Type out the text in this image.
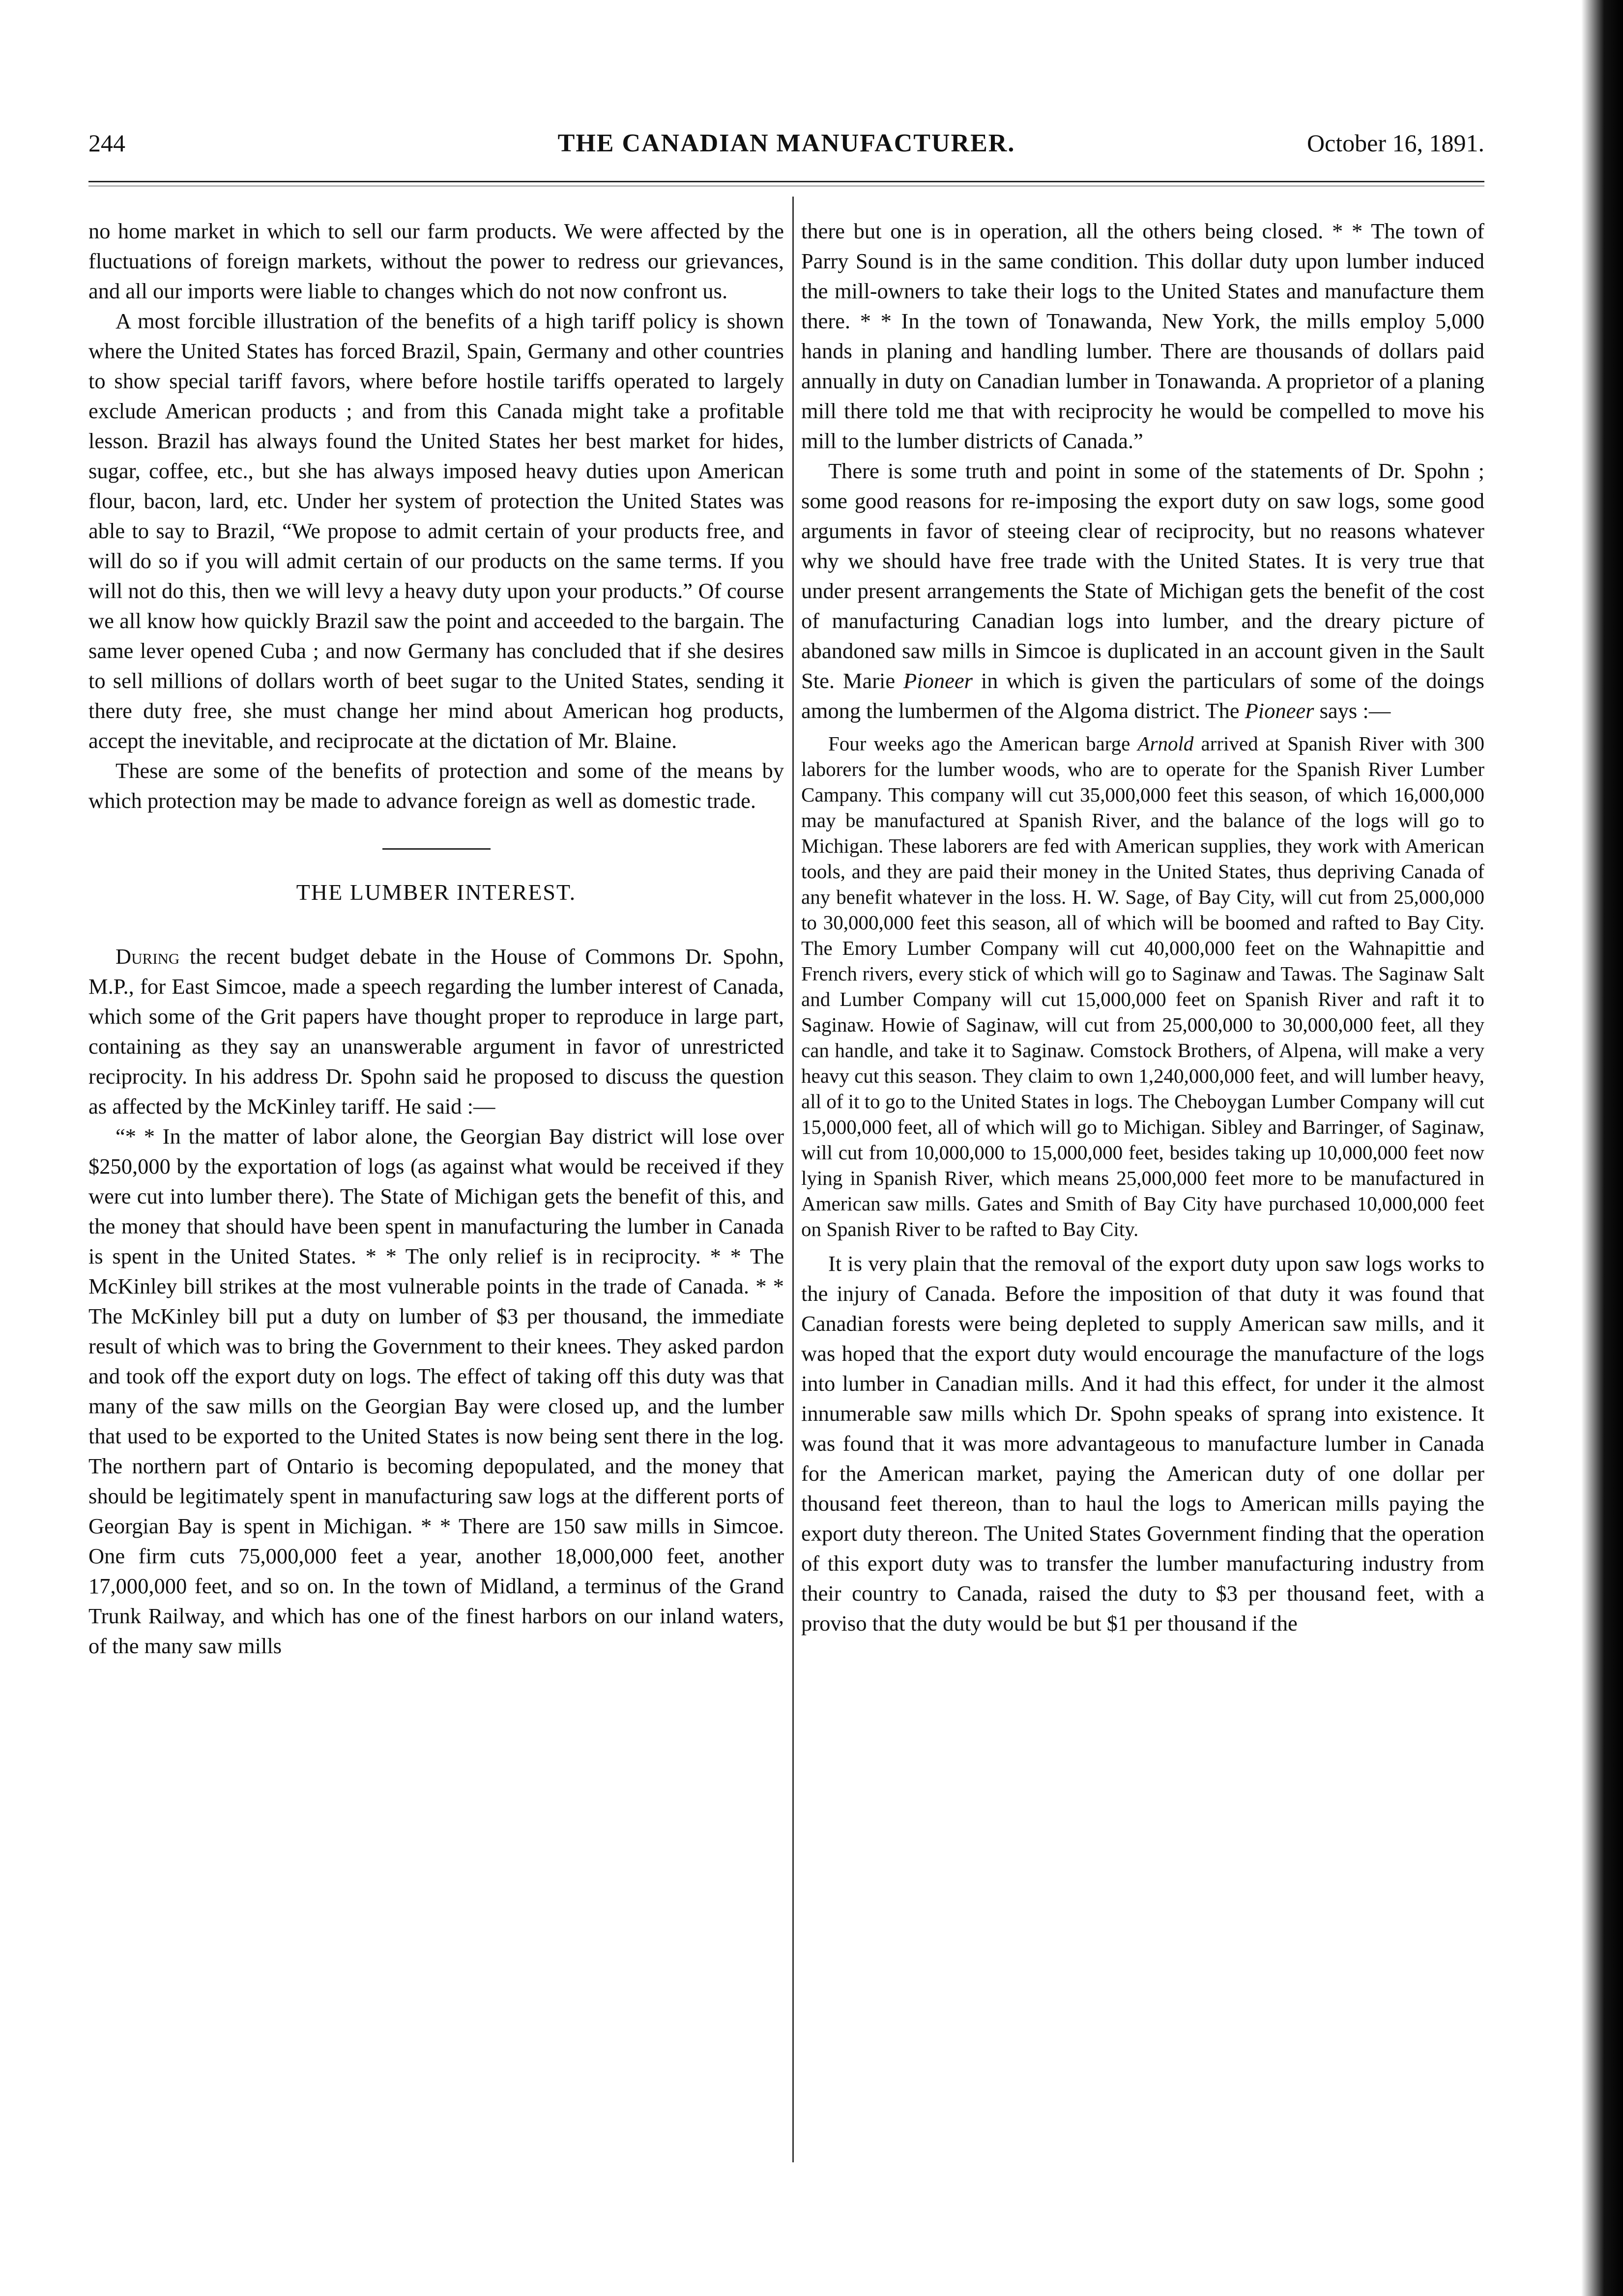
244	THE CANADIAN MANUFACTURER.	October 16, 1891.

no home market in which to sell our farm products. We were affected by the fluctuations of foreign markets, without the power to redress our grievances, and all our imports were liable to changes which do not now confront us.

A most forcible illustration of the benefits of a high tariff policy is shown where the United States has forced Brazil, Spain, Germany and other countries to show special tariff favors, where before hostile tariffs operated to largely exclude American products ; and from this Canada might take a profitable lesson. Brazil has always found the United States her best market for hides, sugar, coffee, etc., but she has always imposed heavy duties upon American flour, bacon, lard, etc. Under her system of protection the United States was able to say to Brazil, “We propose to admit certain of your products free, and will do so if you will admit certain of our products on the same terms. If you will not do this, then we will levy a heavy duty upon your products.” Of course we all know how quickly Brazil saw the point and acceeded to the bargain. The same lever opened Cuba ; and now Germany has concluded that if she desires to sell millions of dollars worth of beet sugar to the United States, sending it there duty free, she must change her mind about American hog products, accept the inevitable, and reciprocate at the dictation of Mr. Blaine.

These are some of the benefits of protection and some of the means by which protection may be made to advance foreign as well as domestic trade.

THE LUMBER INTEREST.

During the recent budget debate in the House of Commons Dr. Spohn, M.P., for East Simcoe, made a speech regarding the lumber interest of Canada, which some of the Grit papers have thought proper to reproduce in large part, containing as they say an unanswerable argument in favor of unrestricted reciprocity. In his address Dr. Spohn said he proposed to discuss the question as affected by the McKinley tariff. He said :—

“* * In the matter of labor alone, the Georgian Bay district will lose over $250,000 by the exportation of logs (as against what would be received if they were cut into lumber there). The State of Michigan gets the benefit of this, and the money that should have been spent in manufacturing the lumber in Canada is spent in the United States. * * The only relief is in reciprocity. * * The McKinley bill strikes at the most vulnerable points in the trade of Canada. * * The McKinley bill put a duty on lumber of $3 per thousand, the immediate result of which was to bring the Government to their knees. They asked pardon and took off the export duty on logs. The effect of taking off this duty was that many of the saw mills on the Georgian Bay were closed up, and the lumber that used to be exported to the United States is now being sent there in the log. The northern part of Ontario is becoming depopulated, and the money that should be legitimately spent in manufacturing saw logs at the different ports of Georgian Bay is spent in Michigan. * * There are 150 saw mills in Simcoe. One firm cuts 75,000,000 feet a year, another 18,000,000 feet, another 17,000,000 feet, and so on. In the town of Midland, a terminus of the Grand Trunk Railway, and which has one of the finest harbors on our inland waters, of the many saw mills

there but one is in operation, all the others being closed. * * The town of Parry Sound is in the same condition. This dollar duty upon lumber induced the mill-owners to take their logs to the United States and manufacture them there. * * In the town of Tonawanda, New York, the mills employ 5,000 hands in planing and handling lumber. There are thousands of dollars paid annually in duty on Canadian lumber in Tonawanda. A proprietor of a planing mill there told me that with reciprocity he would be compelled to move his mill to the lumber districts of Canada.”

There is some truth and point in some of the statements of Dr. Spohn ; some good reasons for re-imposing the export duty on saw logs, some good arguments in favor of steeing clear of reciprocity, but no reasons whatever why we should have free trade with the United States. It is very true that under present arrangements the State of Michigan gets the benefit of the cost of manufacturing Canadian logs into lumber, and the dreary picture of abandoned saw mills in Simcoe is duplicated in an account given in the Sault Ste. Marie Pioneer in which is given the particulars of some of the doings among the lumbermen of the Algoma district. The Pioneer says :—

Four weeks ago the American barge Arnold arrived at Spanish River with 300 laborers for the lumber woods, who are to operate for the Spanish River Lumber Campany. This company will cut 35,000,000 feet this season, of which 16,000,000 may be manufactured at Spanish River, and the balance of the logs will go to Michigan. These laborers are fed with American supplies, they work with American tools, and they are paid their money in the United States, thus depriving Canada of any benefit whatever in the loss. H. W. Sage, of Bay City, will cut from 25,000,000 to 30,000,000 feet this season, all of which will be boomed and rafted to Bay City. The Emory Lumber Company will cut 40,000,000 feet on the Wahnapittie and French rivers, every stick of which will go to Saginaw and Tawas. The Saginaw Salt and Lumber Company will cut 15,000,000 feet on Spanish River and raft it to Saginaw. Howie of Saginaw, will cut from 25,000,000 to 30,000,000 feet, all they can handle, and take it to Saginaw. Comstock Brothers, of Alpena, will make a very heavy cut this season. They claim to own 1,240,000,000 feet, and will lumber heavy, all of it to go to the United States in logs. The Cheboygan Lumber Company will cut 15,000,000 feet, all of which will go to Michigan. Sibley and Barringer, of Saginaw, will cut from 10,000,000 to 15,000,000 feet, besides taking up 10,000,000 feet now lying in Spanish River, which means 25,000,000 feet more to be manufactured in American saw mills. Gates and Smith of Bay City have purchased 10,000,000 feet on Spanish River to be rafted to Bay City.

It is very plain that the removal of the export duty upon saw logs works to the injury of Canada. Before the imposition of that duty it was found that Canadian forests were being depleted to supply American saw mills, and it was hoped that the export duty would encourage the manufacture of the logs into lumber in Canadian mills. And it had this effect, for under it the almost innumerable saw mills which Dr. Spohn speaks of sprang into existence. It was found that it was more advantageous to manufacture lumber in Canada for the American market, paying the American duty of one dollar per thousand feet thereon, than to haul the logs to American mills paying the export duty thereon. The United States Government finding that the operation of this export duty was to transfer the lumber manufacturing industry from their country to Canada, raised the duty to $3 per thousand feet, with a proviso that the duty would be but $1 per thousand if the
